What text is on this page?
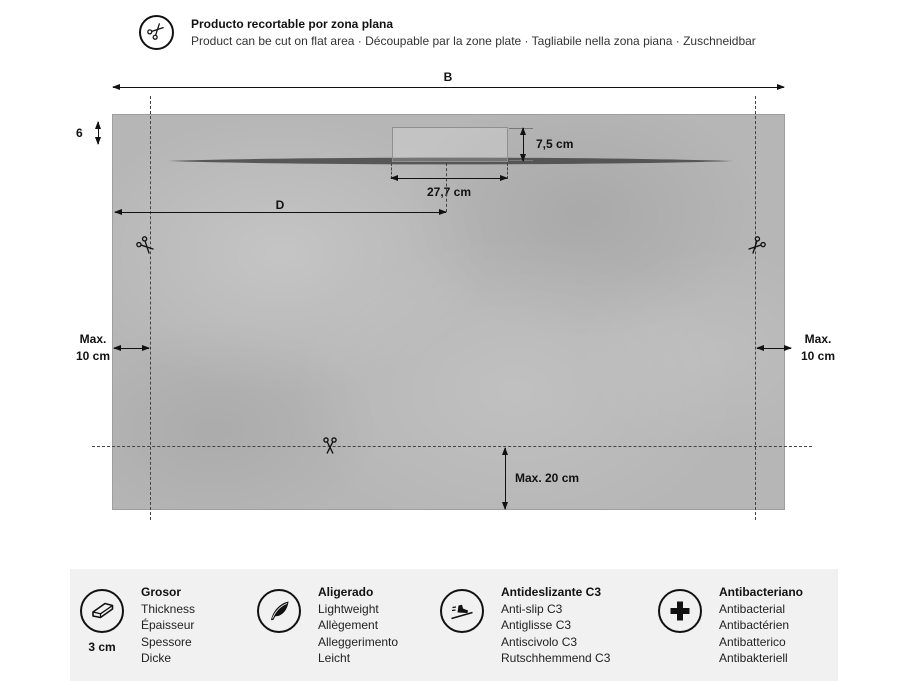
Producto recortable por zona plana
Product can be cut on flat area · Découpable par la zone plate · Tagliabile nella zona piana · Zuschneidbar
B
6
7,5 cm
27,7 cm
D
Max.
10 cm
Max.
10 cm
Max. 20 cm
3 cm
Grosor
Thickness
Épaisseur
Spessore
Dicke
Aligerado
Lightweight
Allègement
Alleggerimento
Leicht
Antideslizante C3
Anti-slip C3
Antiglisse C3
Antiscivolo C3
Rutschhemmend C3
Antibacteriano
Antibacterial
Antibactérien
Antibatterico
Antibakteriell
